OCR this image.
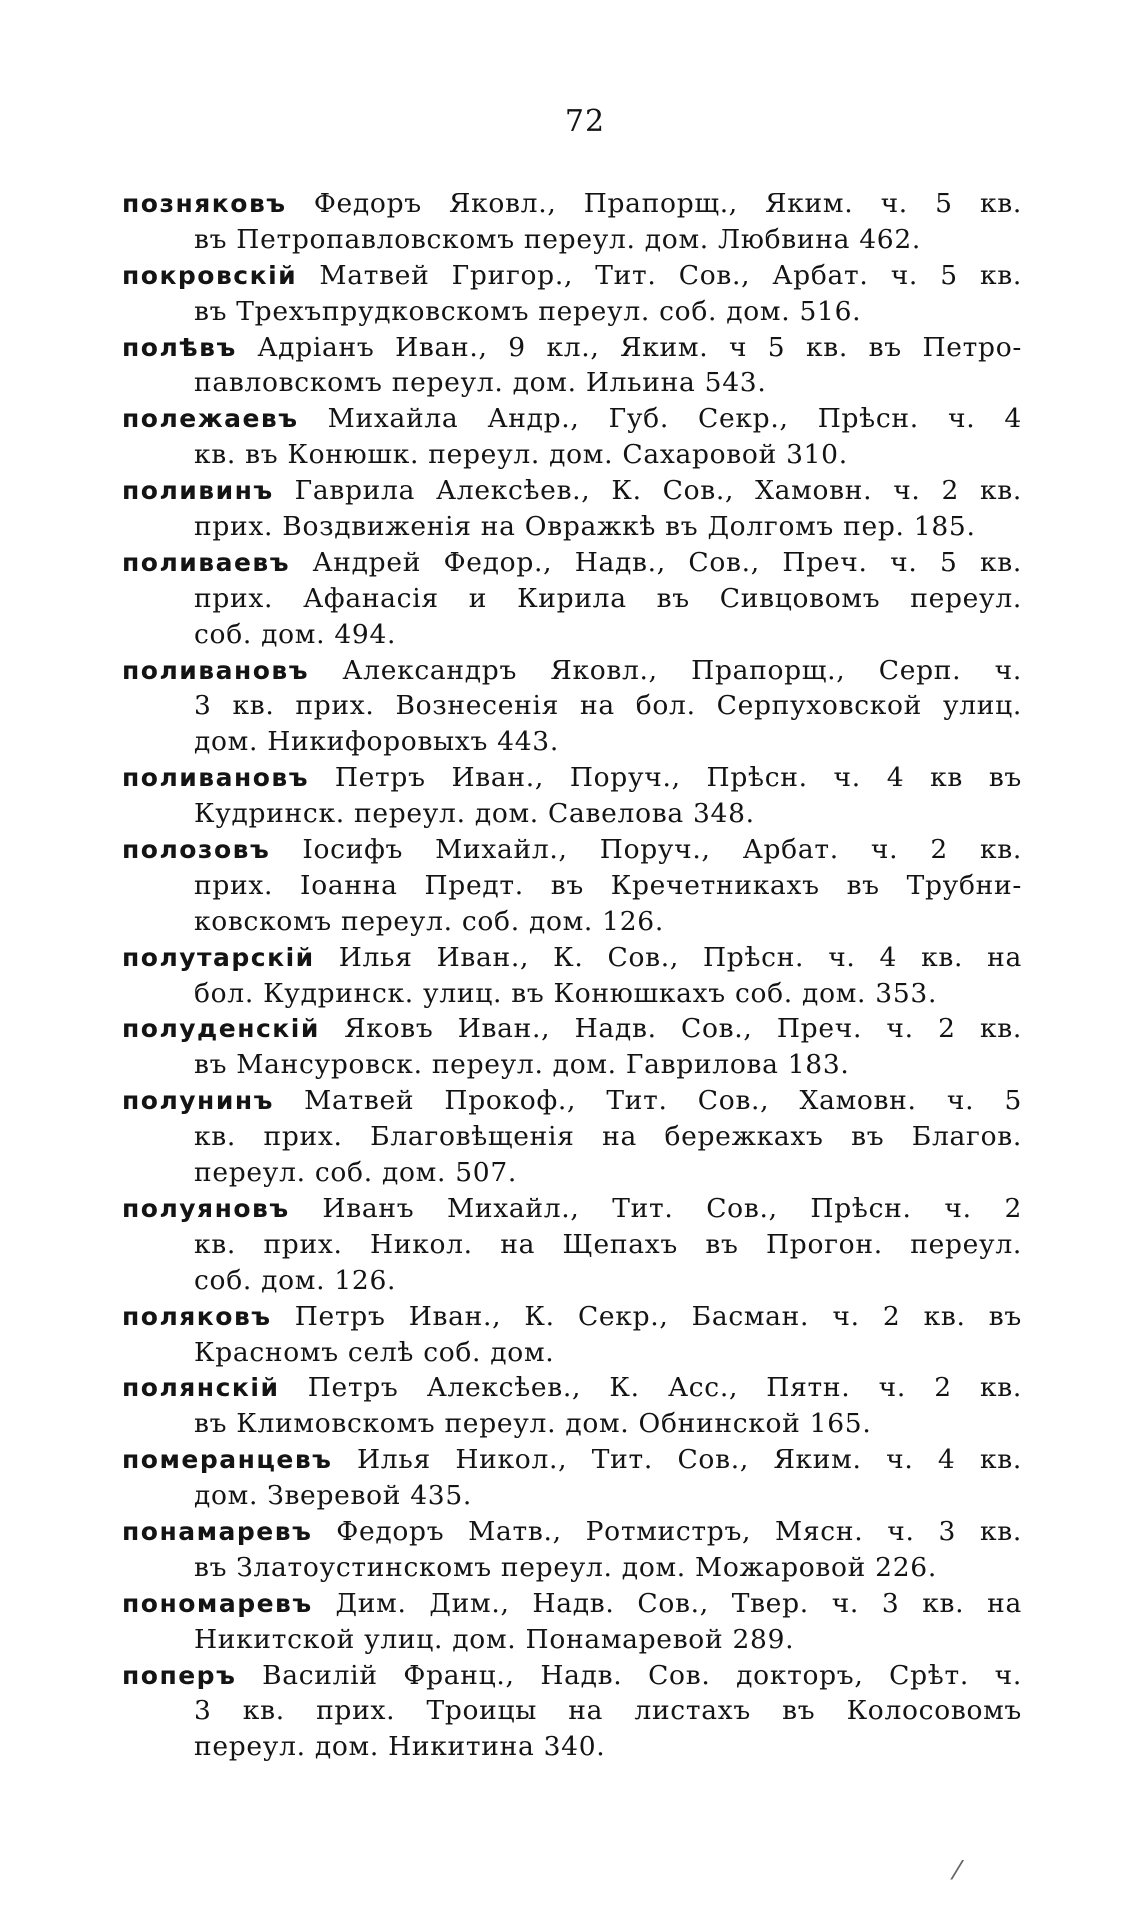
72
позняковъ Федоръ Яковл., Прапорщ., Яким. ч. 5 кв.
въ Петропавловскомъ переул. дом. Любвина 462.
покровскій Матвей Григор., Тит. Сов., Арбат. ч. 5 кв.
въ Трехъпрудковскомъ переул. соб. дом. 516.
полѣвъ Адріанъ Иван., 9 кл., Яким. ч 5 кв. въ Петро-
павловскомъ переул. дом. Ильина 543.
полежаевъ Михайла Андр., Губ. Секр., Прѣсн. ч. 4
кв. въ Конюшк. переул. дом. Сахаровой 310.
поливинъ Гаврила Алексѣев., К. Сов., Хамовн. ч. 2 кв.
прих. Воздвиженія на Овражкѣ въ Долгомъ пер. 185.
поливаевъ Андрей Федор., Надв., Сов., Преч. ч. 5 кв.
прих. Афанасія и Кирила въ Сивцовомъ переул.
соб. дом. 494.
поливановъ Александръ Яковл., Прапорщ., Серп. ч.
3 кв. прих. Вознесенія на бол. Серпуховской улиц.
дом. Никифоровыхъ 443.
поливановъ Петръ Иван., Поруч., Прѣсн. ч. 4 кв въ
Кудринск. переул. дом. Савелова 348.
полозовъ Іосифъ Михайл., Поруч., Арбат. ч. 2 кв.
прих. Іоанна Предт. въ Кречетникахъ въ Трубни-
ковскомъ переул. соб. дом. 126.
полутарскій Илья Иван., К. Сов., Прѣсн. ч. 4 кв. на
бол. Кудринск. улиц. въ Конюшкахъ соб. дом. 353.
полуденскій Яковъ Иван., Надв. Сов., Преч. ч. 2 кв.
въ Мансуровск. переул. дом. Гаврилова 183.
полунинъ Матвей Прокоф., Тит. Сов., Хамовн. ч. 5
кв. прих. Благовѣщенія на бережкахъ въ Благов.
переул. соб. дом. 507.
полуяновъ Иванъ Михайл., Тит. Сов., Прѣсн. ч. 2
кв. прих. Никол. на Щепахъ въ Прогон. переул.
соб. дом. 126.
поляковъ Петръ Иван., К. Секр., Басман. ч. 2 кв. въ
Красномъ селѣ соб. дом.
полянскій Петръ Алексѣев., К. Асс., Пятн. ч. 2 кв.
въ Климовскомъ переул. дом. Обнинской 165.
померанцевъ Илья Никол., Тит. Сов., Яким. ч. 4 кв.
дом. Зверевой 435.
понамаревъ Федоръ Матв., Ротмистръ, Мясн. ч. 3 кв.
въ Златоустинскомъ переул. дом. Можаровой 226.
пономаревъ Дим. Дим., Надв. Сов., Твер. ч. 3 кв. на
Никитской улиц. дом. Понамаревой 289.
поперъ Василій Франц., Надв. Сов. докторъ, Срѣт. ч.
3 кв. прих. Троицы на листахъ въ Колосовомъ
переул. дом. Никитина 340.
⁄
